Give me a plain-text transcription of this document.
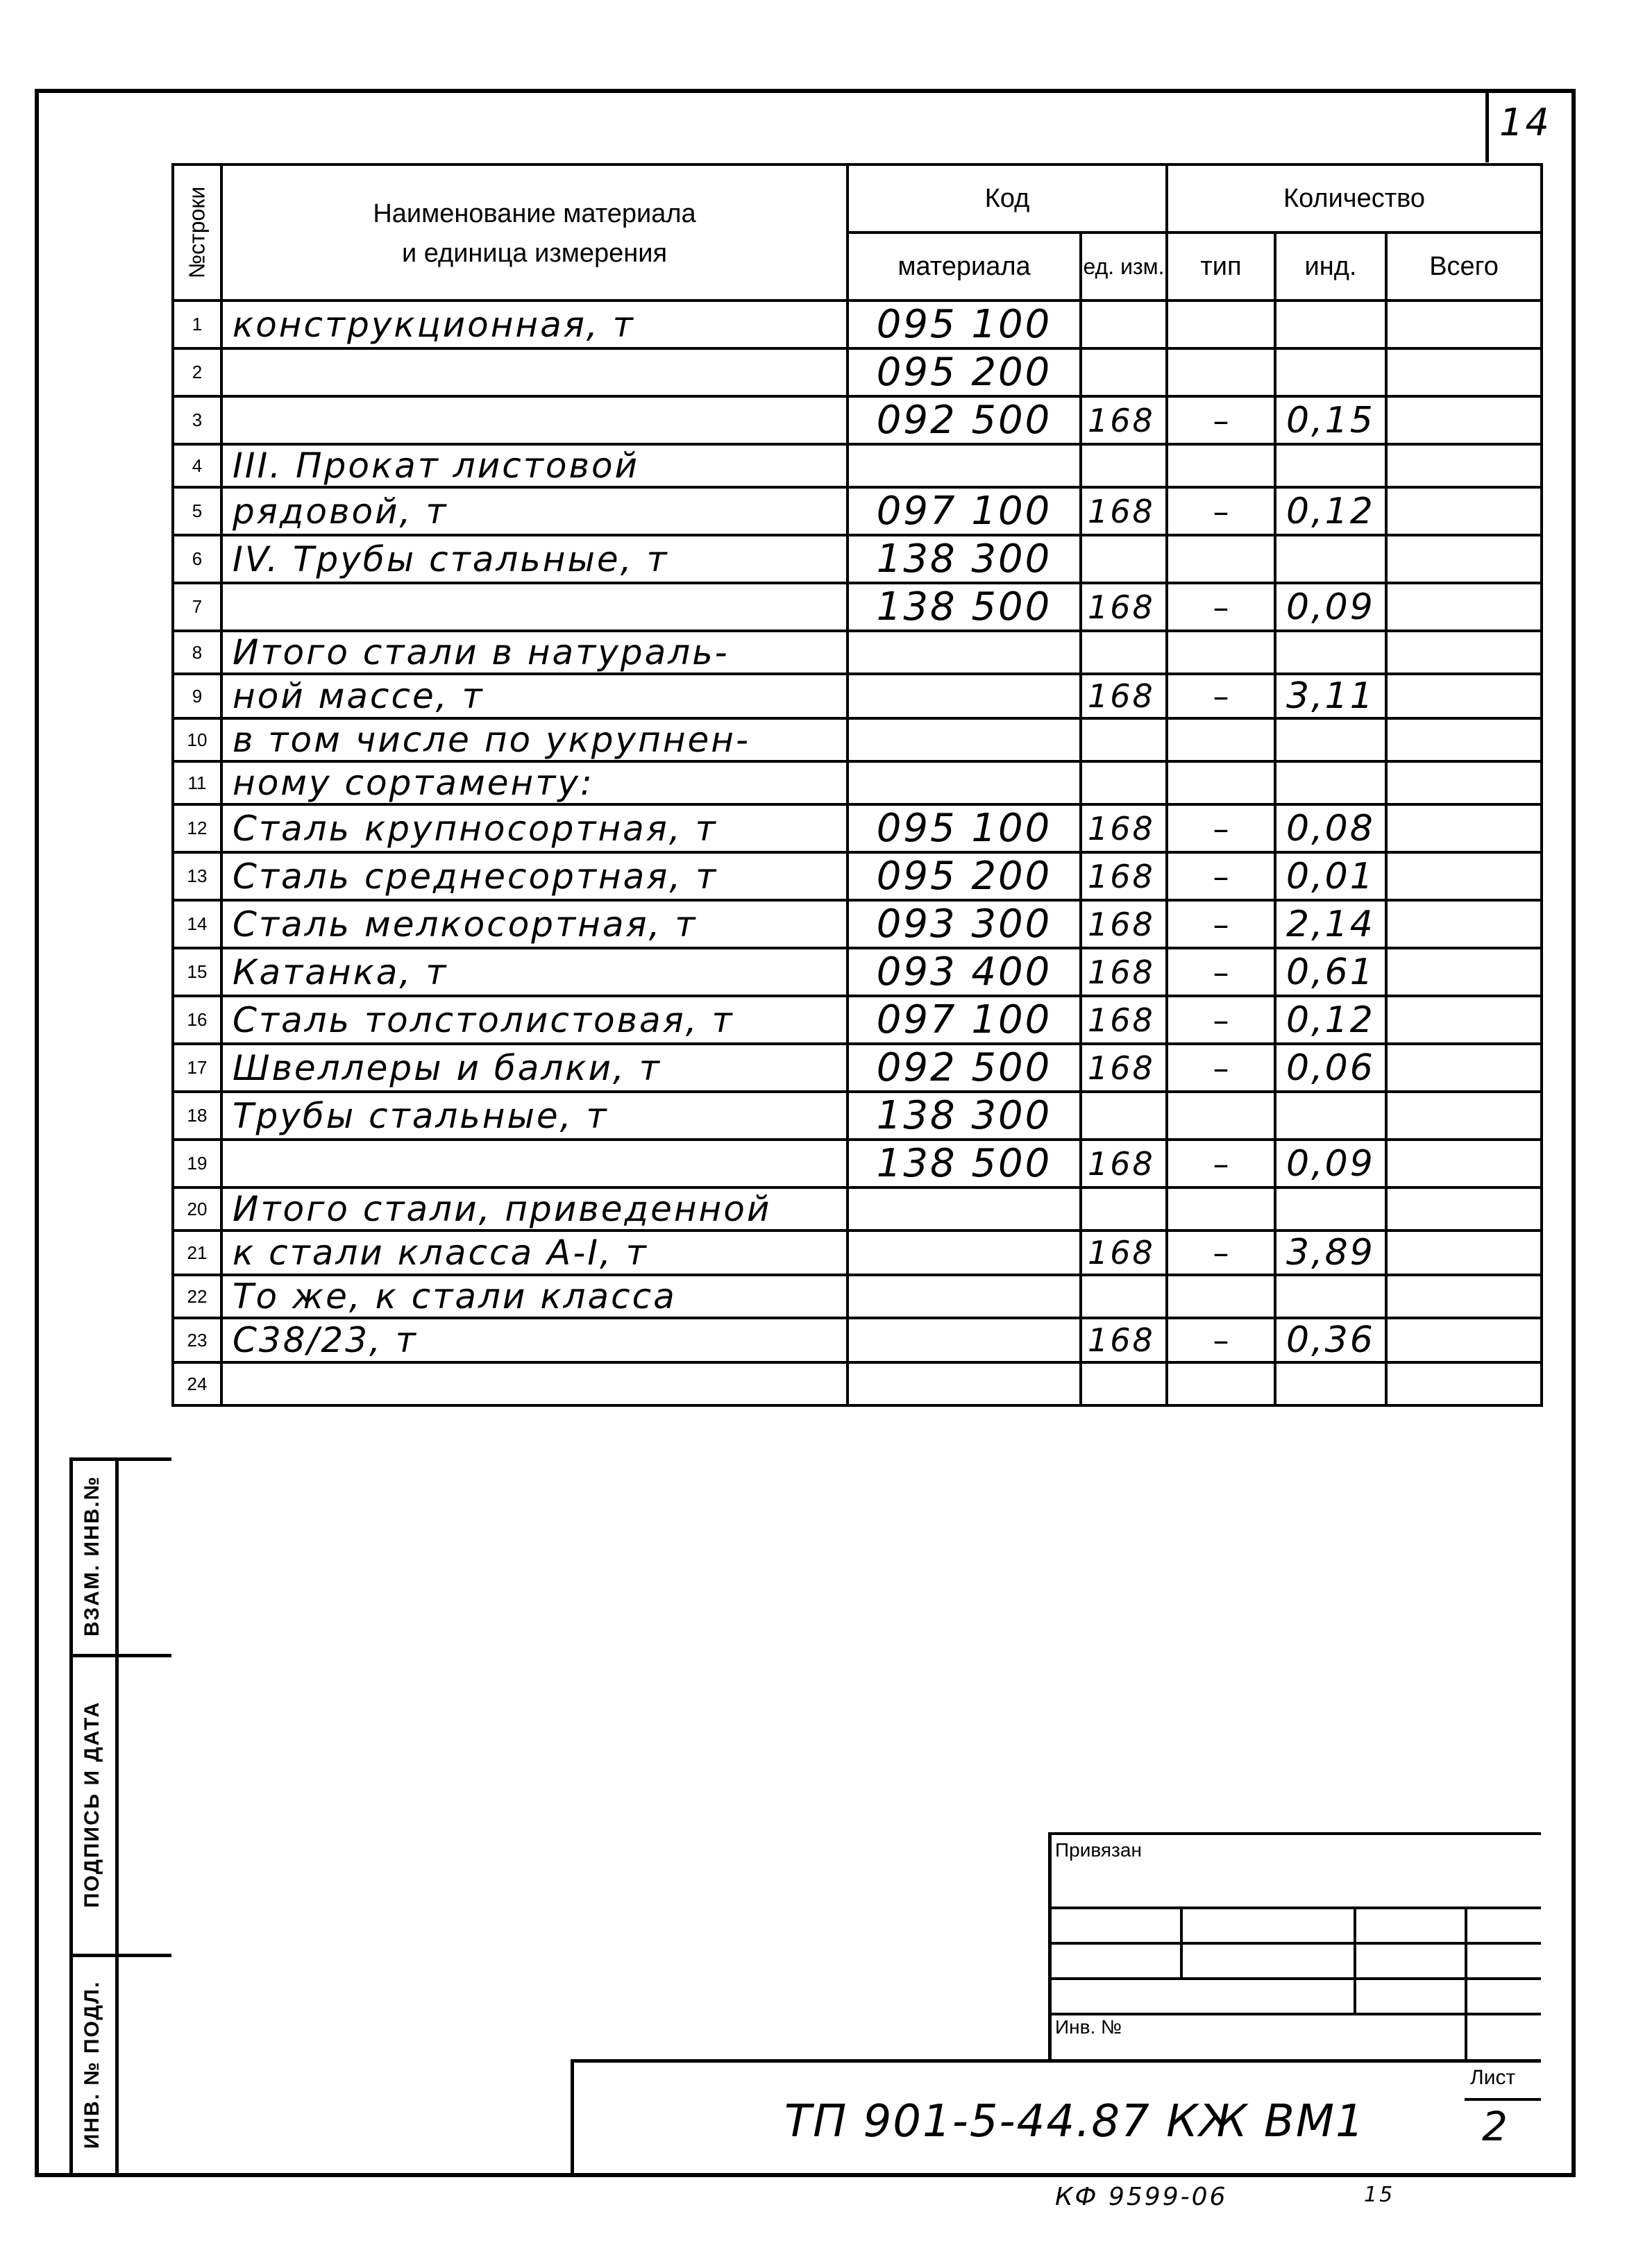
14
№строки	Наименование материала
и единица измерения	Код		Количество		
		материала	ед. изм.	тип	инд.	Всего
1	конструкционная, т	095 100				
2		095 200				
3		092 500	168	–	0,15	
4	III. Прокат листовой					
5	рядовой, т	097 100	168	–	0,12	
6	IV. Трубы стальные, т	138 300				
7		138 500	168	–	0,09	
8	Итого стали в натураль-					
9	ной массе, т		168	–	3,11	
10	в том числе по укрупнен-					
11	ному сортаменту:					
12	Сталь крупносортная, т	095 100	168	–	0,08	
13	Сталь среднесортная, т	095 200	168	–	0,01	
14	Сталь мелкосортная, т	093 300	168	–	2,14	
15	Катанка, т	093 400	168	–	0,61	
16	Сталь толстолистовая, т	097 100	168	–	0,12	
17	Швеллеры и балки, т	092 500	168	–	0,06	
18	Трубы стальные, т	138 300				
19		138 500	168	–	0,09	
20	Итого стали, приведенной					
21	к стали класса А-I, т		168	–	3,89	
22	То же, к стали класса					
23	С38/23, т		168	–	0,36	
24						
ВЗАМ. ИНВ.№
ПОДПИСЬ И ДАТА
ИНВ. № ПОДЛ.
Привязан
Инв. №
Лист
2
ТП 901-5-44.87 КЖ ВМ1
КФ 9599-06	15
